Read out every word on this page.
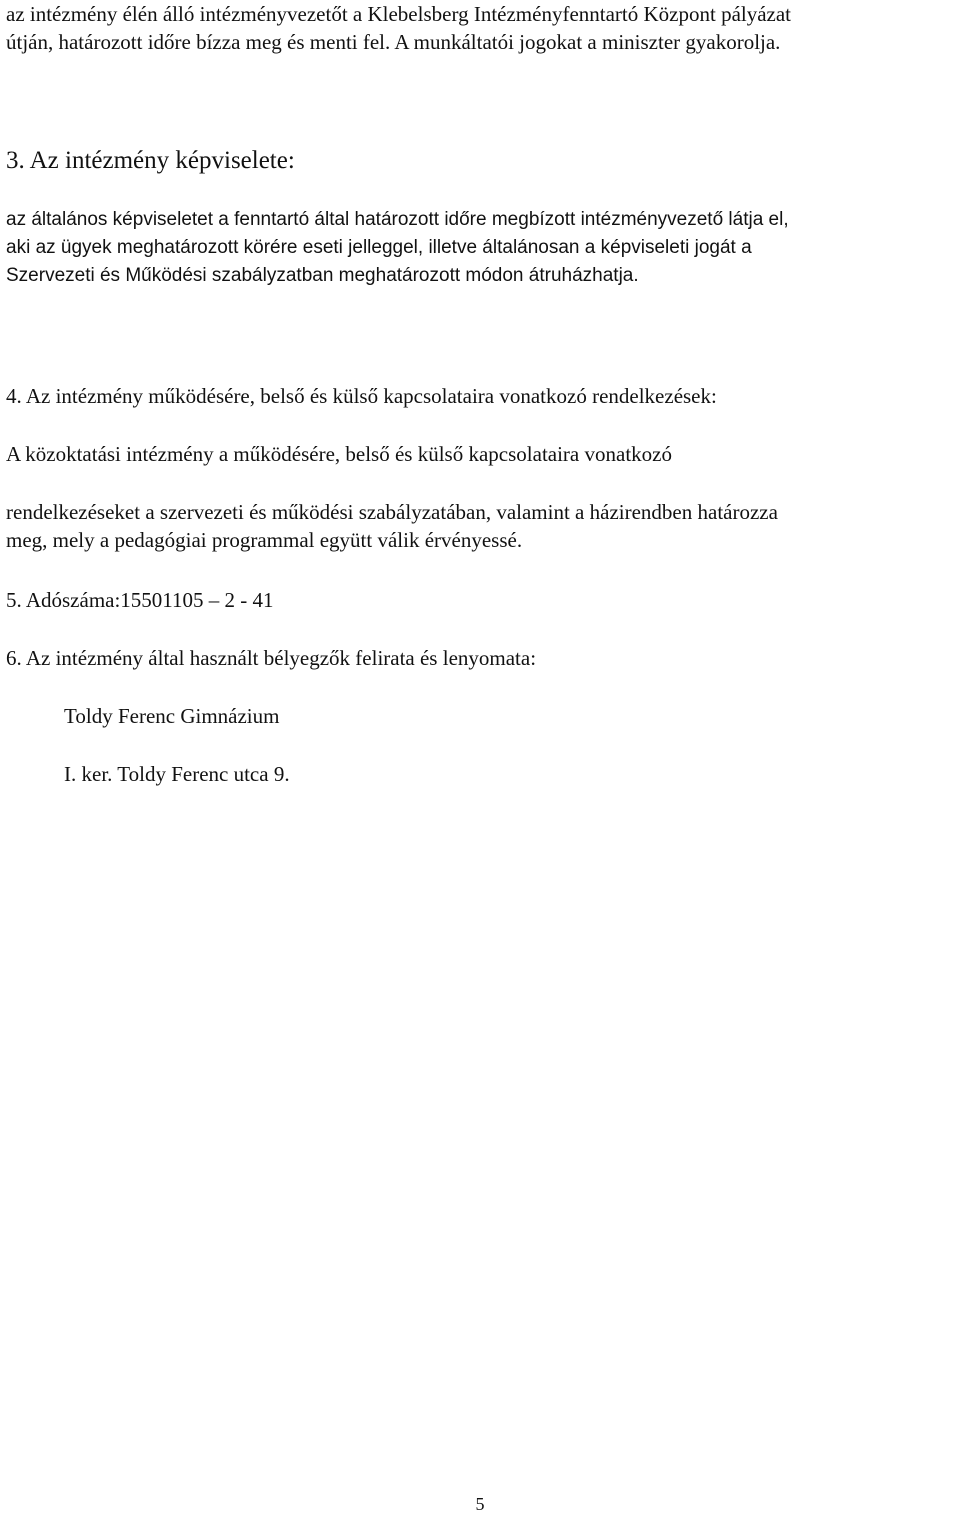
az intézmény élén álló intézményvezetőt a Klebelsberg Intézményfenntartó Központ pályázat
útján, határozott időre bízza meg és menti fel. A munkáltatói jogokat a miniszter gyakorolja.
3. Az intézmény képviselete:
az általános képviseletet a fenntartó által határozott időre megbízott intézményvezető látja el,
aki az ügyek meghatározott körére eseti jelleggel, illetve általánosan a képviseleti jogát a
Szervezeti és Működési szabályzatban meghatározott módon átruházhatja.
4. Az intézmény működésére, belső és külső kapcsolataira vonatkozó rendelkezések:
A közoktatási intézmény a működésére, belső és külső kapcsolataira vonatkozó
rendelkezéseket a szervezeti és működési szabályzatában, valamint a házirendben határozza
meg, mely a pedagógiai programmal együtt válik érvényessé.
5. Adószáma:15501105 – 2 - 41
6. Az intézmény által használt bélyegzők felirata és lenyomata:
Toldy Ferenc Gimnázium
I. ker. Toldy Ferenc utca 9.
5
